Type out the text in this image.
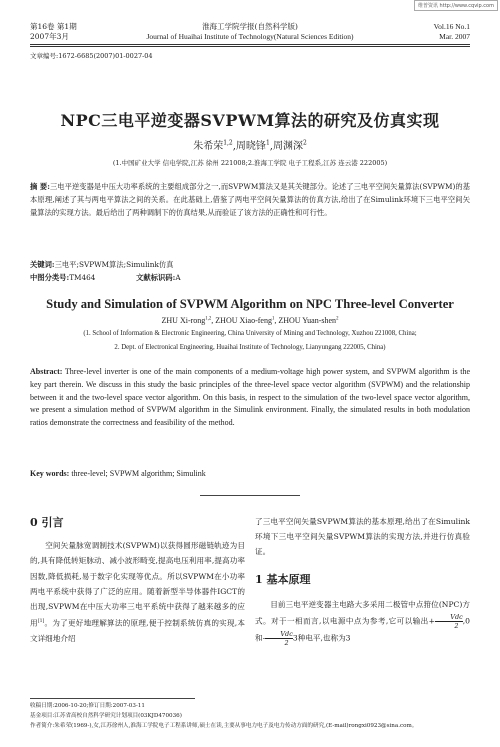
维普资讯 http://www.cqvip.com
第16卷 第1期
2007年3月
淮海工学院学报(自然科学版)
Journal of Huaihai Institute of Technology(Natural Sciences Edition)
Vol.16 No.1
Mar. 2007
文章编号:1672-6685(2007)01-0027-04
NPC三电平逆变器SVPWM算法的研究及仿真实现
朱希荣$^{1,2}$,周晓锋$^1$,周渊深$^2$
(1.中国矿业大学 信电学院,江苏 徐州 221008;2.淮海工学院 电子工程系,江苏 连云港 222005)
摘 要:三电平逆变器是中压大功率系统的主要组成部分之一,而SVPWM算法又是其关键部分。论述了三电平空间矢量算法(SVPWM)的基本原理,阐述了其与两电平算法之间的关系。在此基础上,借鉴了两电平空间矢量算法的仿真方法,给出了在Simulink环境下三电平空间矢量算法的实现方法。最后给出了两种调制下的仿真结果,从而验证了该方法的正确性和可行性。
关键词:三电平;SVPWM算法;Simulink仿真
中图分类号:TM464	文献标识码:A
Study and Simulation of SVPWM Algorithm on NPC Three-level Converter
ZHU Xi-rong$^{1,2}$, ZHOU Xiao-feng$^1$, ZHOU Yuan-shen$^2$
(1. School of Information & Electronic Engineering, China University of Mining and Technology, Xuzhou 221008, China;
2. Dept. of Electronical Engineering, Huaihai Institute of Technology, Lianyungang 222005, China)
Abstract: Three-level inverter is one of the main components of a medium-voltage high power system, and SVPWM algorithm is the key part therein. We discuss in this study the basic principles of the three-level space vector algorithm (SVPWM) and the relationship between it and the two-level space vector algorithm. On this basis, in respect to the simulation of the two-level space vector algorithm, we present a simulation method of SVPWM algorithm in the Simulink environment. Finally, the simulated results in both modulation ratios demonstrate the correctness and feasibility of the method.
Key words: three-level; SVPWM algorithm; Simulink
0 引言
空间矢量脉宽调制技术(SVPWM)以获得圆形磁链轨迹为目的,具有降低转矩脉动、减小波形畸变,提高电压利用率,提高功率因数,降低损耗,易于数字化实现等优点。所以SVPWM在小功率两电平系统中获得了广泛的应用。随着新型半导体器件IGCT的出现,SVPWM在中压大功率三电平系统中获得了越来越多的应用[1]。为了更好地理解算法的原理,便于控制系统仿真的实现,本文详细地介绍
了三电平空间矢量SVPWM算法的基本原理,给出了在Simulink环境下三电平空间矢量SVPWM算法的实现方法,并进行仿真验证。
1 基本原理
目前三电平逆变器主电路大多采用二极管中点箝位(NPC)方式。对于一相而言,以电源中点为参考,它可以输出+	Vdc
2
,0和-	Vdc
2
3种电平,也称为3
收稿日期:2006-10-20;修订日期:2007-03-11
基金项目:江苏省高校自然科学研究计划项目(03KJD470036)
作者简介:朱希荣(1969-),女,江苏徐州人,淮海工学院电子工程系讲师,硕士在读,主要从事电力电子及电力传动方面的研究,(E-mail)rongxi0923@sina.com。
